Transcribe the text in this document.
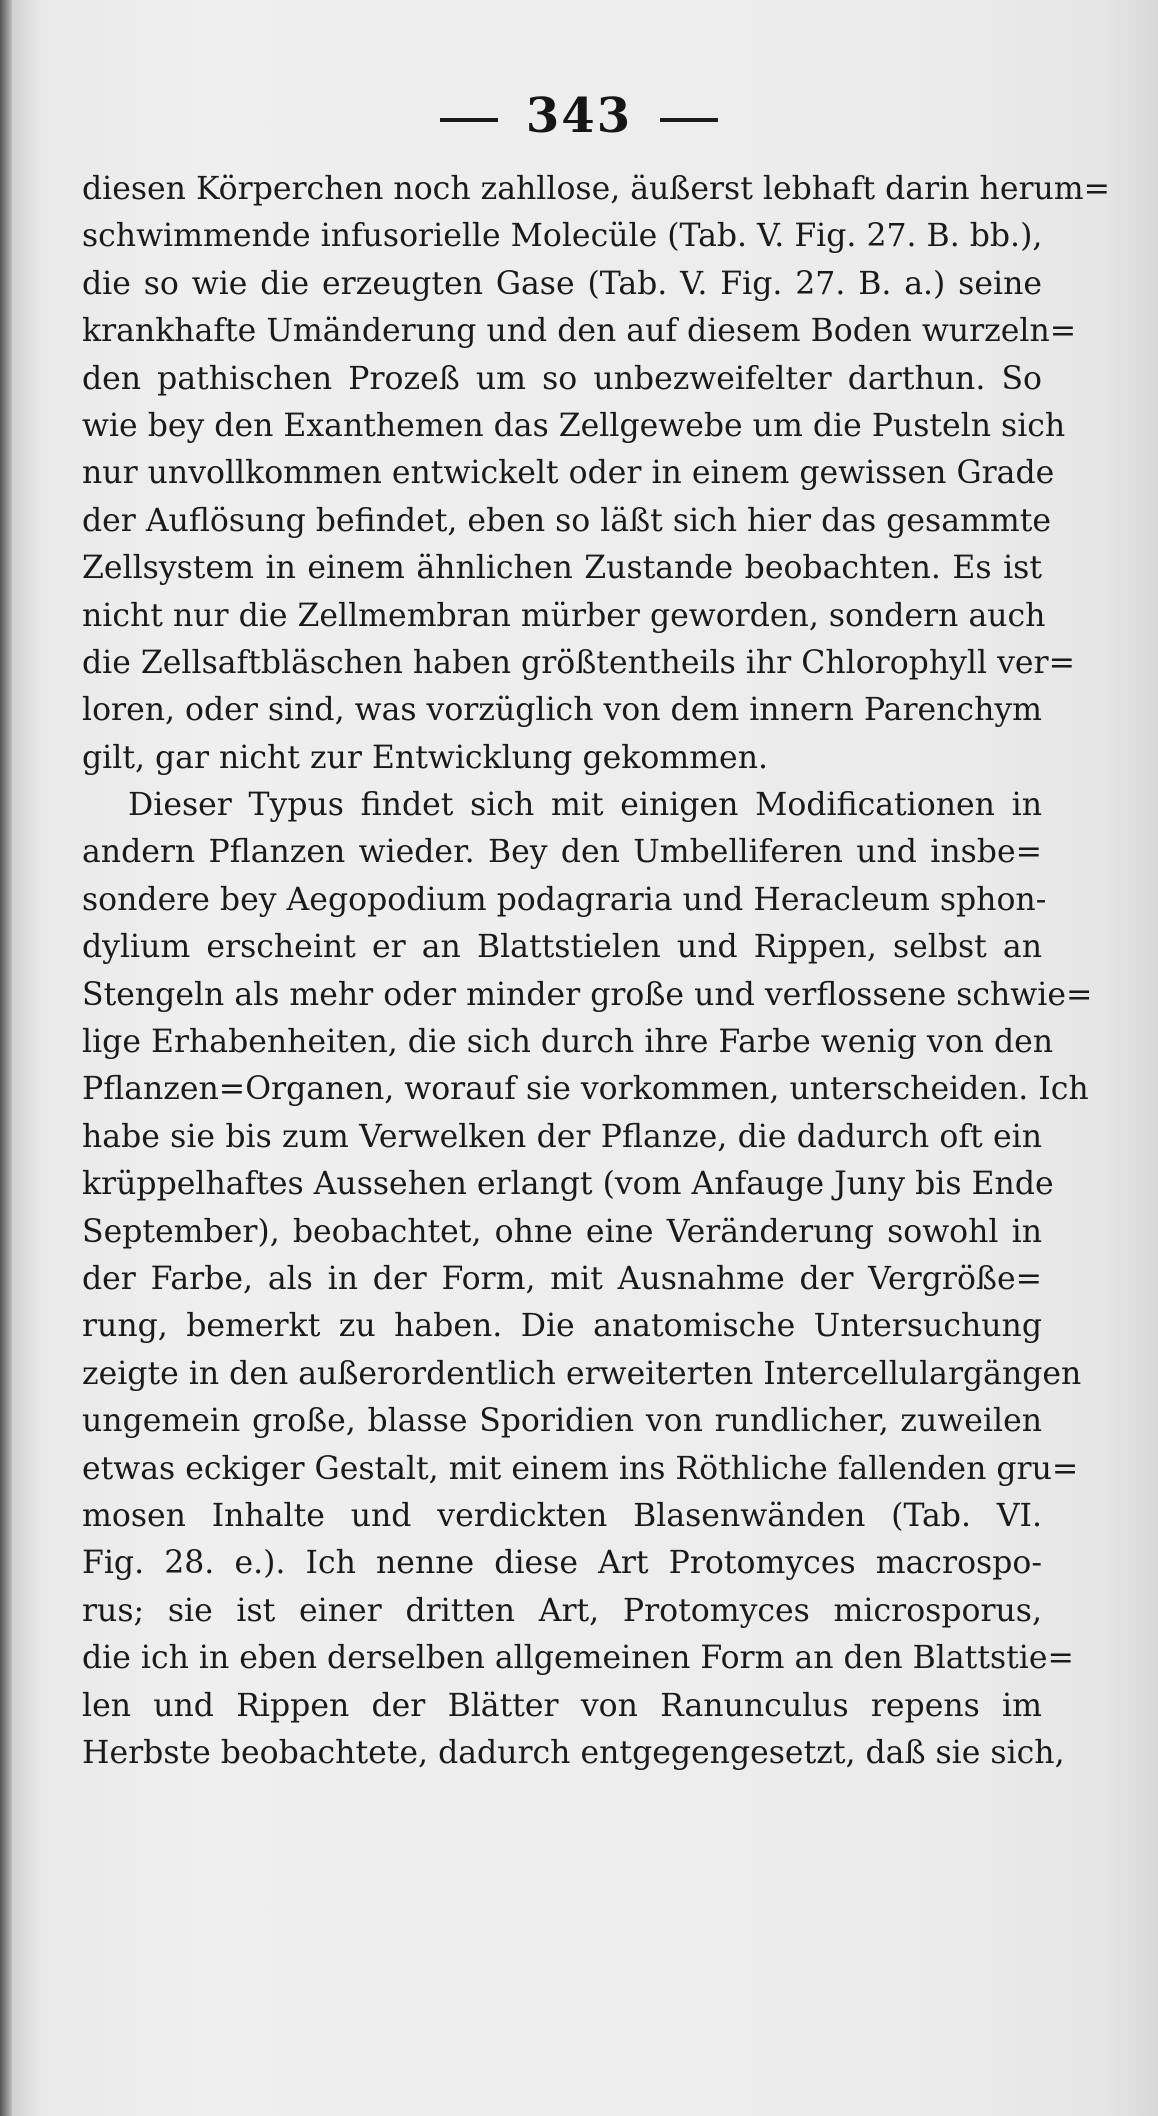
343
diesen Körperchen noch zahllose, äußerst lebhaft darin herum=
schwimmende infusorielle Molecüle (Tab. V. Fig. 27. B. bb.),
die so wie die erzeugten Gase (Tab. V. Fig. 27. B. a.) seine
krankhafte Umänderung und den auf diesem Boden wurzeln=
den pathischen Prozeß um so unbezweifelter darthun. So
wie bey den Exanthemen das Zellgewebe um die Pusteln sich
nur unvollkommen entwickelt oder in einem gewissen Grade
der Auflösung befindet, eben so läßt sich hier das gesammte
Zellsystem in einem ähnlichen Zustande beobachten. Es ist
nicht nur die Zellmembran mürber geworden, sondern auch
die Zellsaftbläschen haben größtentheils ihr Chlorophyll ver=
loren, oder sind, was vorzüglich von dem innern Parenchym
gilt, gar nicht zur Entwicklung gekommen.
Dieser Typus findet sich mit einigen Modificationen in
andern Pflanzen wieder. Bey den Umbelliferen und insbe=
sondere bey Aegopodium podagraria und Heracleum sphon-
dylium erscheint er an Blattstielen und Rippen, selbst an
Stengeln als mehr oder minder große und verflossene schwie=
lige Erhabenheiten, die sich durch ihre Farbe wenig von den
Pflanzen=Organen, worauf sie vorkommen, unterscheiden. Ich
habe sie bis zum Verwelken der Pflanze, die dadurch oft ein
krüppelhaftes Aussehen erlangt (vom Anfauge Juny bis Ende
September), beobachtet, ohne eine Veränderung sowohl in
der Farbe, als in der Form, mit Ausnahme der Vergröße=
rung, bemerkt zu haben. Die anatomische Untersuchung
zeigte in den außerordentlich erweiterten Intercellulargängen
ungemein große, blasse Sporidien von rundlicher, zuweilen
etwas eckiger Gestalt, mit einem ins Röthliche fallenden gru=
mosen Inhalte und verdickten Blasenwänden (Tab. VI.
Fig. 28. e.). Ich nenne diese Art Protomyces macrospo-
rus; sie ist einer dritten Art, Protomyces microsporus,
die ich in eben derselben allgemeinen Form an den Blattstie=
len und Rippen der Blätter von Ranunculus repens im
Herbste beobachtete, dadurch entgegengesetzt, daß sie sich,
